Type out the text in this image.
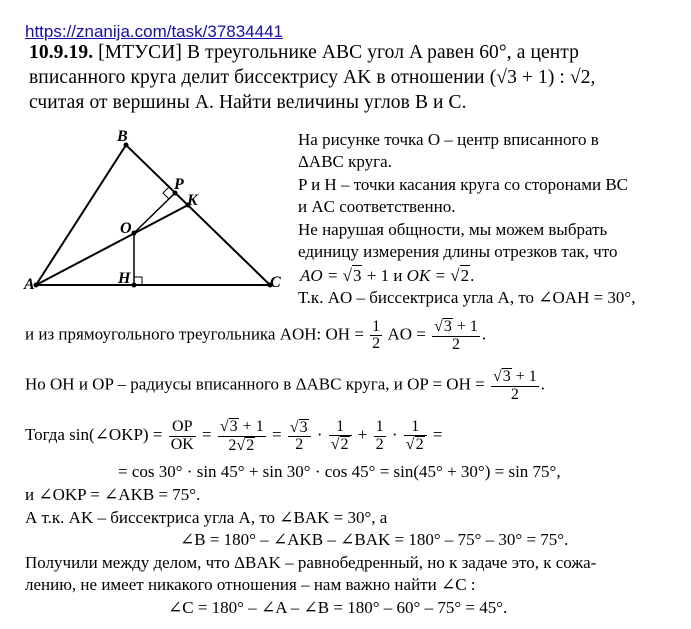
https://znanija.com/task/37834441
10.9.19. [МТУСИ] В треугольнике ABC угол A равен 60°, а центр
вписанного круга делит биссектрису AK в отношении (√3 + 1) : √2,
считая от вершины A. Найти величины углов B и C.
B
P
K
O
A	H	C
На рисунке точка O – центр вписанного в
ΔABC круга.
P и H – точки касания круга со сторонами BC
и AC соответственно.
Не нарушая общности, мы можем выбрать
единицу измерения длины отрезков так, что
AO = √3 + 1 и OK = √2.
Т.к. AO – биссектриса угла A, то ∠OAH = 30°,
и из прямоугольного треугольника AOH: OH = $\frac{1}{2}$ AO = $\frac{√3 + 1}{2}$ .
Но OH и OP – радиусы вписанного в ΔABC круга, и OP = OH = $\frac{√3 + 1}{2}$ .
Тогда sin(∠OKP) = $\frac{OP}{OK} = \frac{√3 + 1}{2√2} = \frac{√3}{2} \cdot \frac{1}{√2} + \frac{1}{2} \cdot \frac{1}{√2}$ =
= cos 30° · sin 45° + sin 30° · cos 45° = sin(45° + 30°) = sin 75°,
и ∠OKP = ∠AKB = 75°.
А т.к. AK – биссектриса угла A, то ∠BAK = 30°, а
∠B = 180° – ∠AKB – ∠BAK = 180° – 75° – 30° = 75°.
Получили между делом, что ΔBAK – равнобедренный, но к задаче это, к сожа-
лению, не имеет никакого отношения – нам важно найти ∠C :
∠C = 180° – ∠A – ∠B = 180° – 60° – 75° = 45°.
